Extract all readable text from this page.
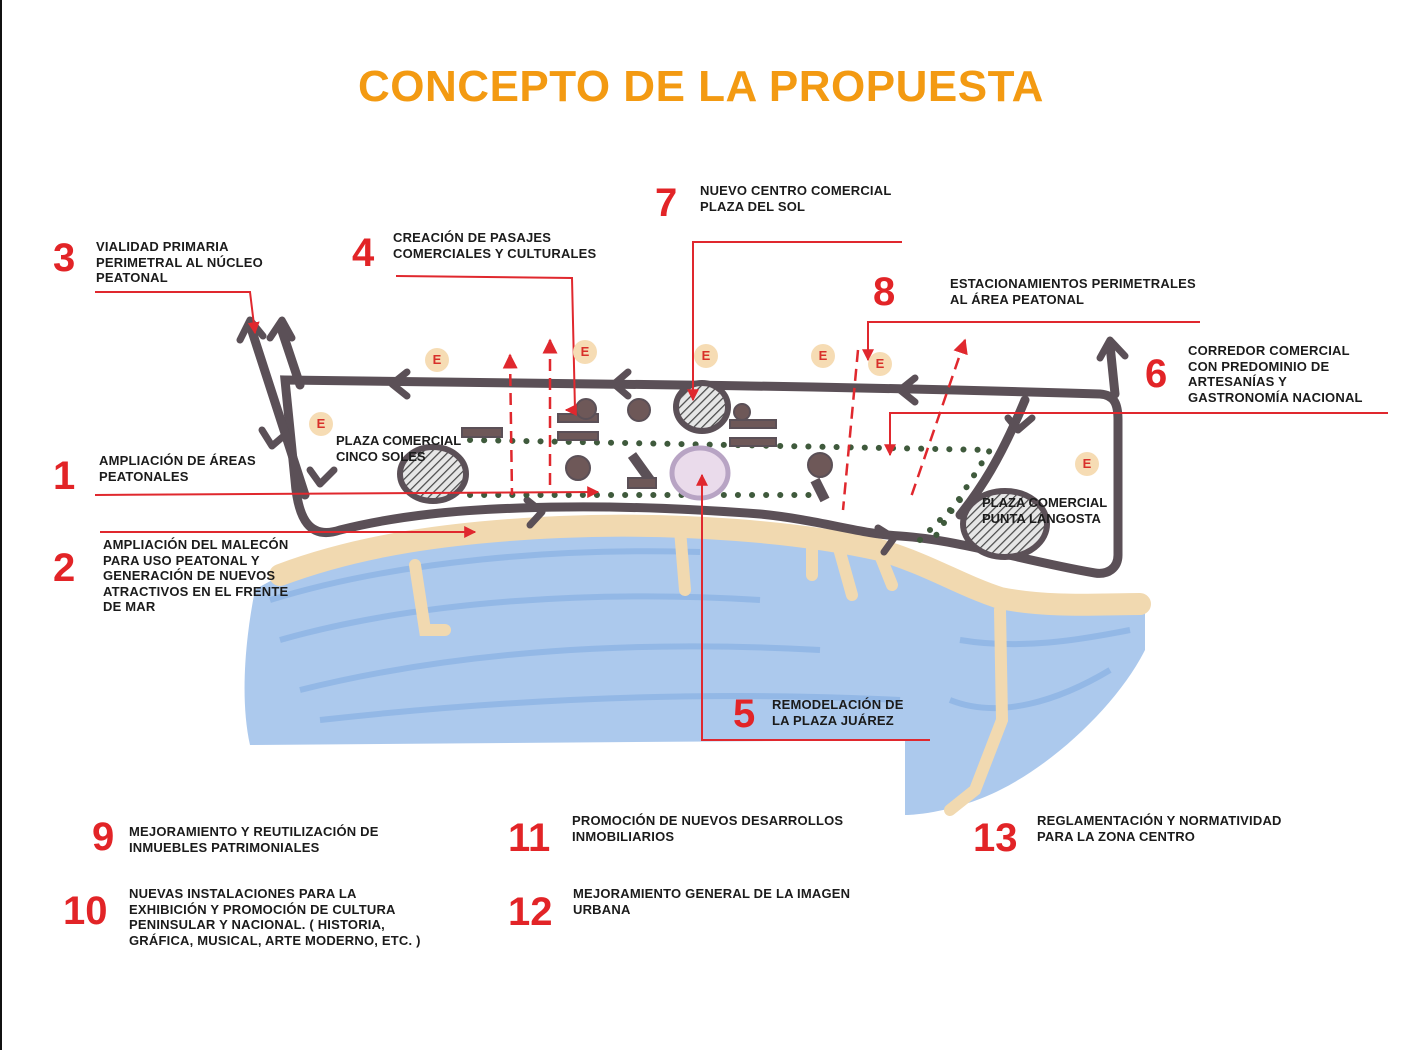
CONCEPTO DE LA PROPUESTA
E
E	E	E
E
E
E
PLAZA COMERCIAL
CINCO SOLES
PLAZA COMERCIAL
PUNTA LANGOSTA
1 AMPLIACIÓN DE ÁREAS
PEATONALES
2
AMPLIACIÓN DEL MALECÓN
PARA USO PEATONAL Y
GENERACIÓN DE NUEVOS
ATRACTIVOS EN EL FRENTE
DE MAR
3 VIALIDAD PRIMARIA
PERIMETRAL AL NÚCLEO
PEATONAL
4 CREACIÓN DE PASAJES
COMERCIALES Y CULTURALES
5 REMODELACIÓN DE
LA PLAZA JUÁREZ
6
CORREDOR COMERCIAL
CON PREDOMINIO DE
ARTESANÍAS Y
GASTRONOMÍA NACIONAL
7 NUEVO CENTRO COMERCIAL
PLAZA DEL SOL
8	ESTACIONAMIENTOS PERIMETRALES
AL ÁREA PEATONAL
9 MEJORAMIENTO Y REUTILIZACIÓN DE
INMUEBLES PATRIMONIALES
10 NUEVAS INSTALACIONES PARA LA
EXHIBICIÓN Y PROMOCIÓN DE CULTURA
PENINSULAR Y NACIONAL. ( HISTORIA,
GRÁFICA, MUSICAL, ARTE MODERNO, ETC. )
11 PROMOCIÓN DE NUEVOS DESARROLLOS
INMOBILIARIOS
12 MEJORAMIENTO GENERAL DE LA IMAGEN
URBANA
13 REGLAMENTACIÓN Y NORMATIVIDAD
PARA LA ZONA CENTRO
